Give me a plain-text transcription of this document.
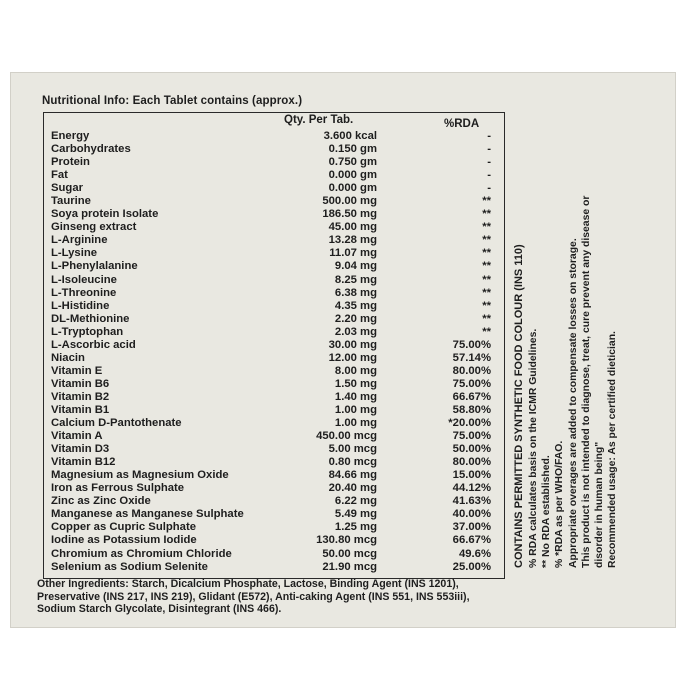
Nutritional Info: Each Tablet contains (approx.)
Qty. Per Tab.	%RDA
Energy	3.600 kcal	-
Carbohydrates	0.150 gm	-
Protein	0.750 gm	-
Fat	0.000 gm	-
Sugar	0.000 gm	-
Taurine	500.00 mg	**
Soya protein Isolate	186.50 mg	**
Ginseng extract	45.00 mg	**
L-Arginine	13.28 mg	**
L-Lysine	11.07 mg	**
L-Phenylalanine	9.04 mg	**
L-Isoleucine	8.25 mg	**
L-Threonine	6.38 mg	**
L-Histidine	4.35 mg	**
DL-Methionine	2.20 mg	**
L-Tryptophan	2.03 mg	**
L-Ascorbic acid	30.00 mg	75.00%
Niacin	12.00 mg	57.14%
Vitamin E	8.00 mg	80.00%
Vitamin B6	1.50 mg	75.00%
Vitamin B2	1.40 mg	66.67%
Vitamin B1	1.00 mg	58.80%
Calcium D-Pantothenate	1.00 mg	*20.00%
Vitamin A	450.00 mcg	75.00%
Vitamin D3	5.00 mcg	50.00%
Vitamin B12	0.80 mcg	80.00%
Magnesium as Magnesium Oxide	84.66 mg	15.00%
Iron as Ferrous Sulphate	20.40 mg	44.12%
Zinc as Zinc Oxide	6.22 mg	41.63%
Manganese as Manganese Sulphate	5.49 mg	40.00%
Copper as Cupric Sulphate	1.25 mg	37.00%
Iodine as Potassium Iodide	130.80 mcg	66.67%
Chromium as Chromium Chloride	50.00 mcg	49.6%
Selenium as Sodium Selenite	21.90 mcg	25.00% CONTAINS PERMITTED SYNTHETIC FOOD COLOUR (INS 110) % RDA calculates basis on the ICMR Guidelines. ** No RDA established. % *RDA as per WHO/FAO. Appropriate overages are added to compensate losses on storage. This product is not intended to diagnose, treat, cure prevent any disease or disorder in human being" Recommended usage: As per certified dietician.
Other Ingredients: Starch, Dicalcium Phosphate, Lactose, Binding Agent (INS 1201),
Preservative (INS 217, INS 219), Glidant (E572), Anti-caking Agent (INS 551, INS 553iii),
Sodium Starch Glycolate, Disintegrant (INS 466).
